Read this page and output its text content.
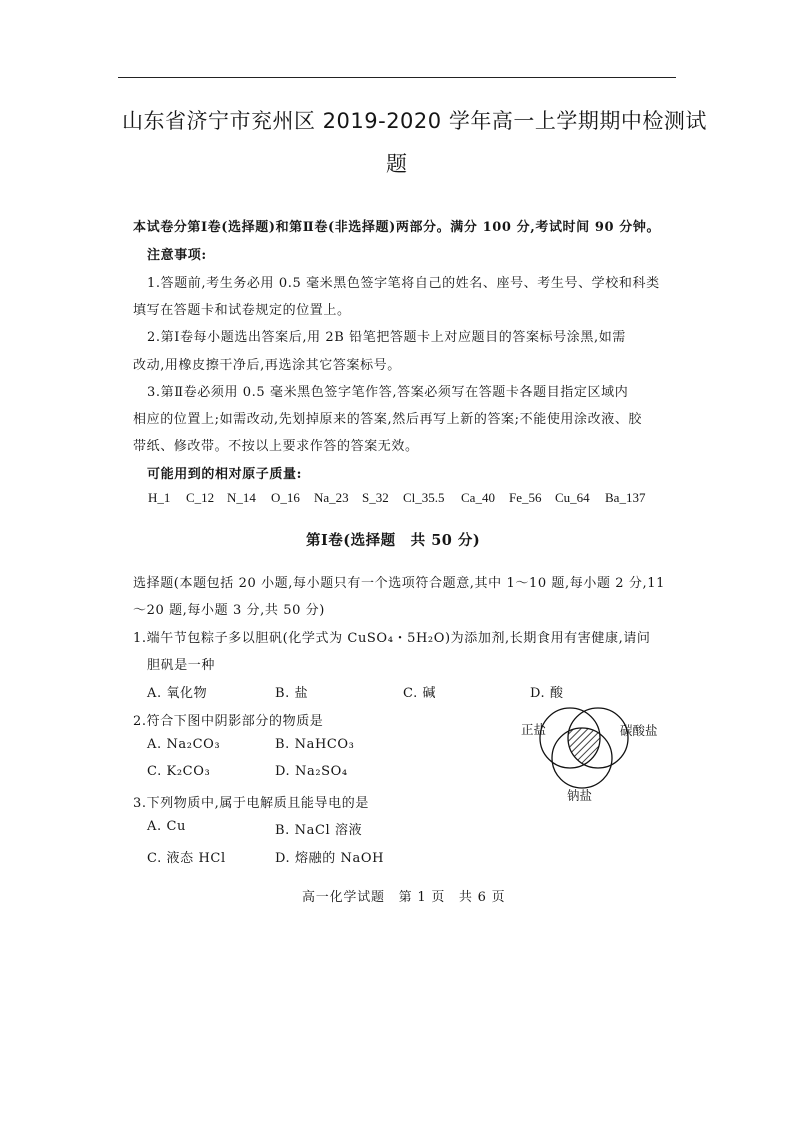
山东省济宁市兖州区 2019-2020 学年高一上学期期中检测试
题
本试卷分第Ⅰ卷(选择题)和第Ⅱ卷(非选择题)两部分。满分 100 分,考试时间 90 分钟。
注意事项:
1.答题前,考生务必用 0.5 毫米黑色签字笔将自己的姓名、座号、考生号、学校和科类
填写在答题卡和试卷规定的位置上。
2.第Ⅰ卷每小题选出答案后,用 2B 铅笔把答题卡上对应题目的答案标号涂黑,如需
改动,用橡皮擦干净后,再选涂其它答案标号。
3.第Ⅱ卷必须用 0.5 毫米黑色签字笔作答,答案必须写在答题卡各题目指定区域内
相应的位置上;如需改动,先划掉原来的答案,然后再写上新的答案;不能使用涂改液、胶
带纸、修改带。不按以上要求作答的答案无效。
可能用到的相对原子质量:
H_1 C_12 N_14 O_16 Na_23 S_32 Cl_35.5 Ca_40 Fe_56 Cu_64 Ba_137
第Ⅰ卷(选择题　共 50 分)
选择题(本题包括 20 小题,每小题只有一个选项符合题意,其中 1～10 题,每小题 2 分,11
～20 题,每小题 3 分,共 50 分)
1.端午节包粽子多以胆矾(化学式为 CuSO₄・5H₂O)为添加剂,长期食用有害健康,请问
胆矾是一种
A. 氧化物	B. 盐	C. 碱	D. 酸
2.符合下图中阴影部分的物质是
A. Na₂CO₃	B. NaHCO₃
C. K₂CO₃	D. Na₂SO₄
正盐	碳酸盐
钠盐
3.下列物质中,属于电解质且能导电的是
A. Cu	B. NaCl 溶液
C. 液态 HCl	D. 熔融的 NaOH
高一化学试题　第 1 页　共 6 页
